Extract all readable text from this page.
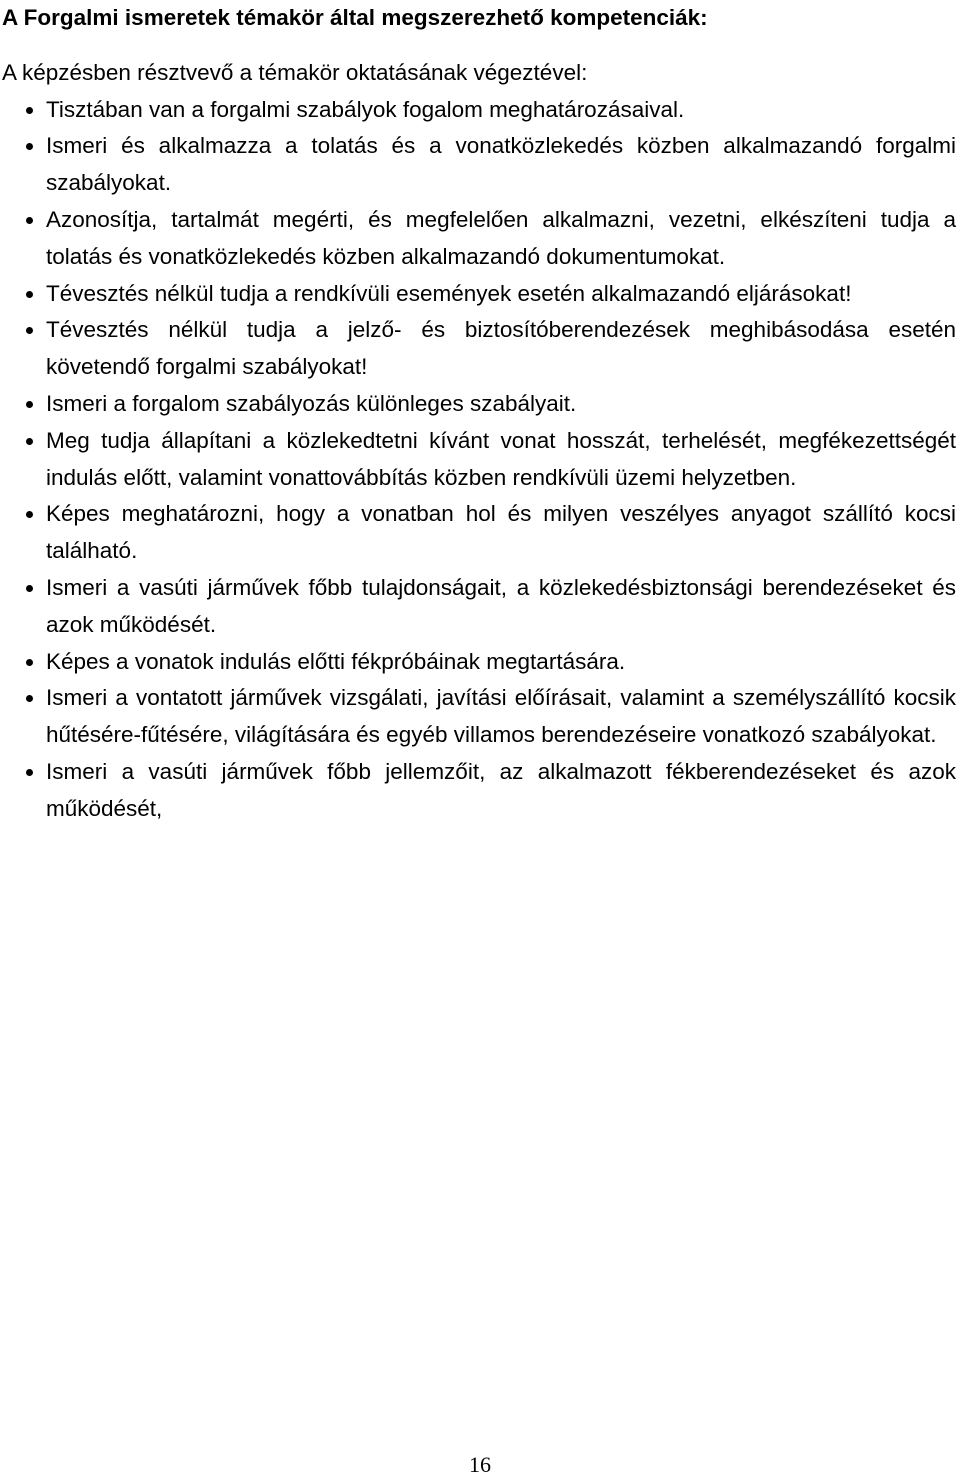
A Forgalmi ismeretek témakör által megszerezhető kompetenciák:

A képzésben résztvevő a témakör oktatásának végeztével:

Tisztában van a forgalmi szabályok fogalom meghatározásaival.
Ismeri és alkalmazza a tolatás és a vonatközlekedés közben alkalmazandó forgalmi szabályokat.
Azonosítja, tartalmát megérti, és megfelelően alkalmazni, vezetni, elkészíteni tudja a tolatás és vonatközlekedés közben alkalmazandó dokumentumokat.
Tévesztés nélkül tudja a rendkívüli események esetén alkalmazandó eljárásokat!
Tévesztés nélkül tudja a jelző- és biztosítóberendezések meghibásodása esetén követendő forgalmi szabályokat!
Ismeri a forgalom szabályozás különleges szabályait.
Meg tudja állapítani a közlekedtetni kívánt vonat hosszát, terhelését, megfékezettségét indulás előtt, valamint vonattovábbítás közben rendkívüli üzemi helyzetben.
Képes meghatározni, hogy a vonatban hol és milyen veszélyes anyagot szállító kocsi található.
Ismeri a vasúti járművek főbb tulajdonságait, a közlekedésbiztonsági berendezéseket és azok működését.
Képes a vonatok indulás előtti fékpróbáinak megtartására.
Ismeri a vontatott járművek vizsgálati, javítási előírásait, valamint a személyszállító kocsik hűtésére-fűtésére, világítására és egyéb villamos berendezéseire vonatkozó szabályokat.
Ismeri a vasúti járművek főbb jellemzőit, az alkalmazott fékberendezéseket és azok működését,
16
